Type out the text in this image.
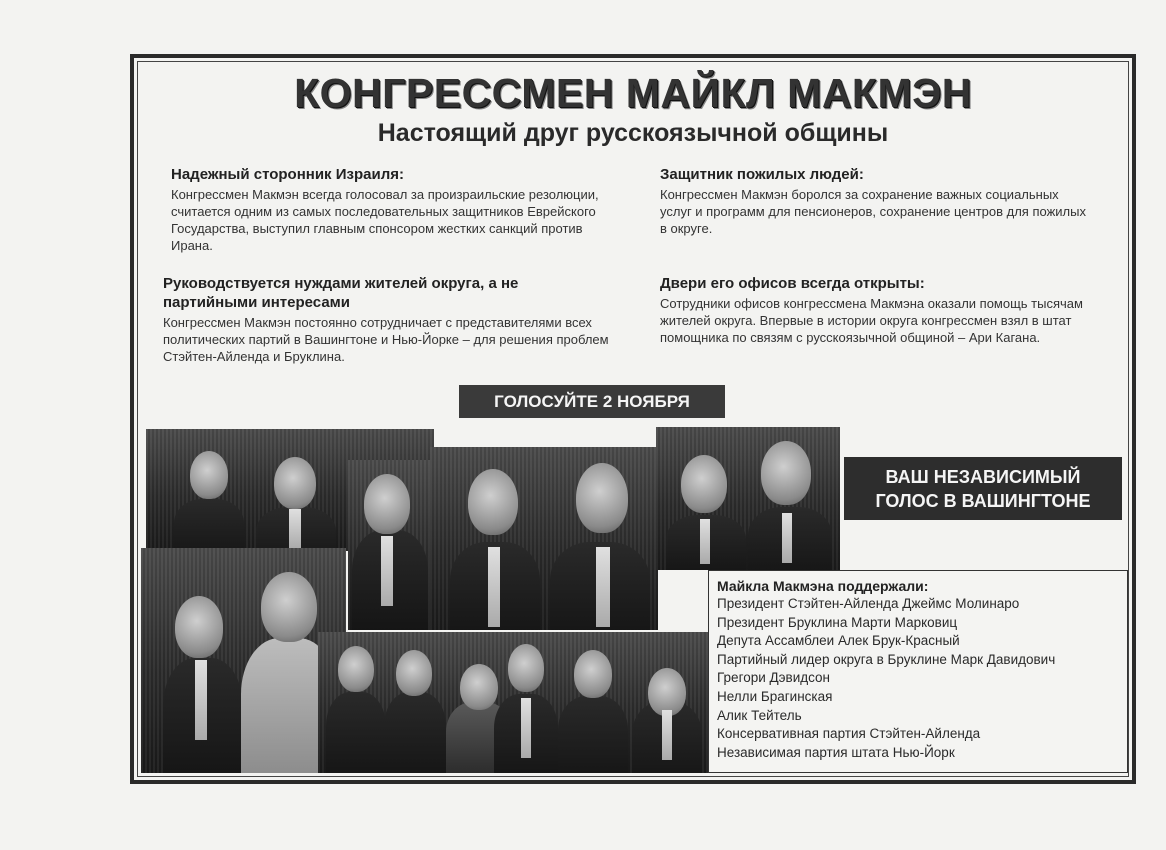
КОНГРЕССМЕН МАЙКЛ МАКМЭН
Настоящий друг русскоязычной общины
Надежный сторонник Израиля:

Конгрессмен Макмэн всегда голосовал за произраильские резолюции, считается одним из самых последовательных защитников Еврейского Государства, выступил главным спонсором жестких санкций против Ирана.

Защитник пожилых людей:

Конгрессмен Макмэн боролся за сохранение важных социальных услуг и программ для пенсионеров, сохранение центров для пожилых в округе.

Руководствуется нуждами жителей округа, а не партийными интересами

Конгрессмен Макмэн постоянно сотрудничает с представителями всех политических партий в Вашингтоне и Нью-Йорке – для решения проблем Стэйтен-Айленда и Бруклина.

Двери его офисов всегда открыты:

Сотрудники офисов конгрессмена Макмэна оказали помощь тысячам жителей округа. Впервые в истории округа конгрессмен взял в штат помощника по связям с русскоязычной общиной – Ари Кагана.

ГОЛОСУЙТЕ 2 НОЯБРЯ
ВАШ НЕЗАВИСИМЫЙ
ГОЛОС В ВАШИНГТОНЕ
Майкла Макмэна поддержали:
Президент Стэйтен-Айленда Джеймс Молинаро
Президент Бруклина Марти Марковиц
Депута Ассамблеи Алек Брук-Красный
Партийный лидер округа в Бруклине Марк Давидович
Грегори Дэвидсон
Нелли Брагинская
Алик Тейтель
Консервативная партия Стэйтен-Айленда
Независимая партия штата Нью-Йорк
